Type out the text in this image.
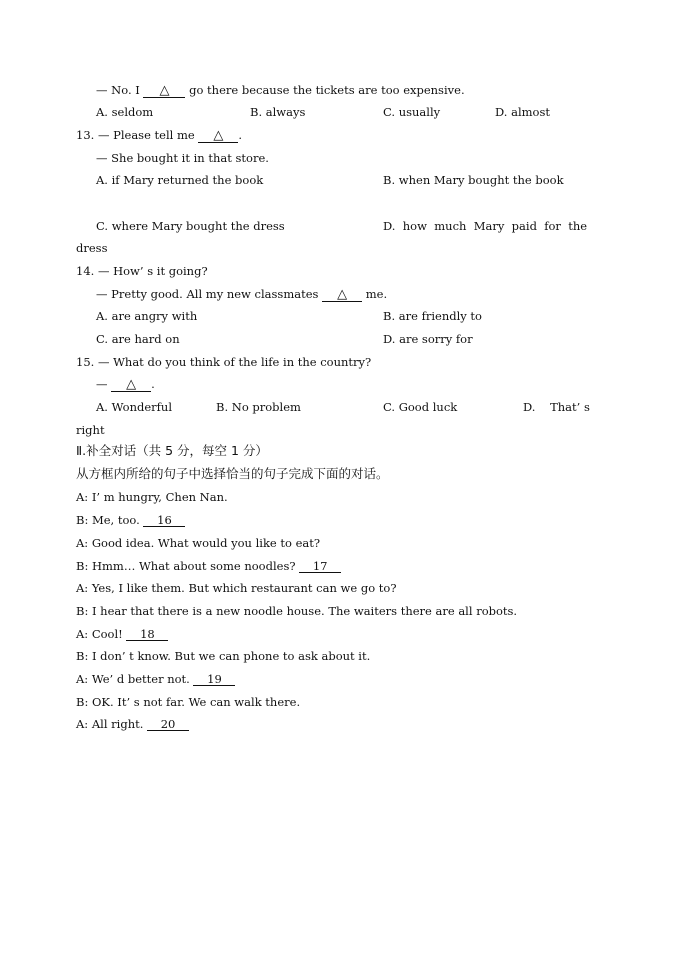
— No. I △ go there because the tickets are too expensive.
A. seldom	B. always	C. usually	D. almost
13. — Please tell me △ .
— She bought it in that store.
A. if Mary returned the book	B. when Mary bought the book
C. where Mary bought the dress	D.  how  much  Mary  paid  for  the
dress
14. — How’ s it going?
— Pretty good. All my new classmates △ me.
A. are angry with	B. are friendly to
C. are hard on	D. are sorry for
15. — What do you think of the life in the country?
— △ .
A. Wonderful	B. No problem	C. Good luck	D.    That’ s
right
Ⅱ.补全对话（共 5 分，每空 1 分）
从方框内所给的句子中选择恰当的句子完成下面的对话。
A: I’ m hungry, Chen Nan.
B: Me, too. 16
A: Good idea. What would you like to eat?
B: Hmm… What about some noodles? 17
A: Yes, I like them. But which restaurant can we go to?
B: I hear that there is a new noodle house. The waiters there are all robots.
A: Cool! 18
B: I don’ t know. But we can phone to ask about it.
A: We’ d better not. 19
B: OK. It’ s not far. We can walk there.
A: All right. 20
